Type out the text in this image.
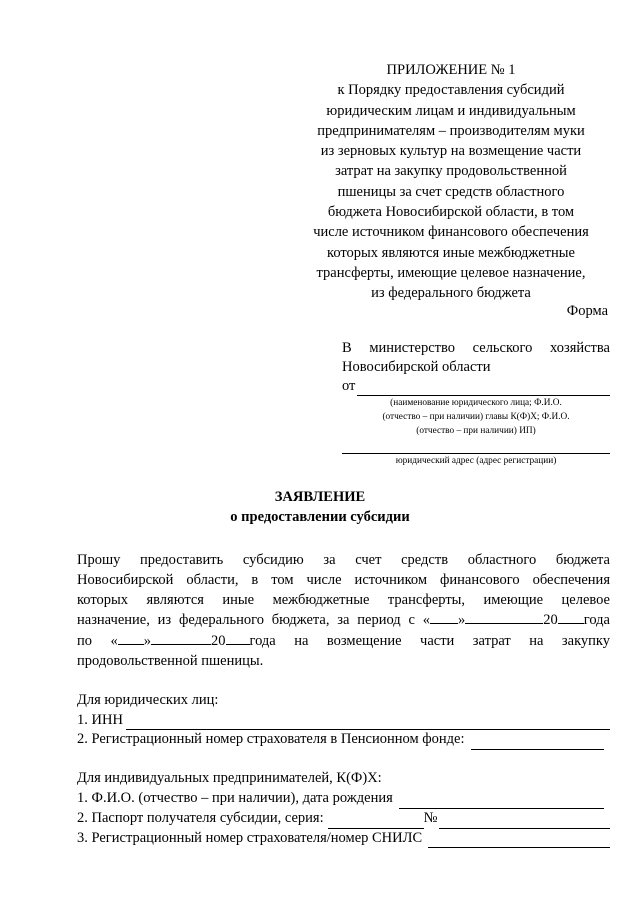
ПРИЛОЖЕНИЕ № 1
к Порядку предоставления субсидий
юридическим лицам и индивидуальным
предпринимателям – производителям муки
из зерновых культур на возмещение части
затрат на закупку продовольственной
пшеницы за счет средств областного
бюджета Новосибирской области, в том
числе источником финансового обеспечения
которых являются иные межбюджетные
трансферты, имеющие целевое назначение,
из федерального бюджета
Форма
В министерство сельского хозяйства
Новосибирской области
от
(наименование юридического лица; Ф.И.О.
(отчество – при наличии) главы К(Ф)Х; Ф.И.О.
(отчество – при наличии) ИП)
юридический адрес (адрес регистрации)
ЗАЯВЛЕНИЕ
о предоставлении субсидии

Прошу предоставить субсидию за счет средств областного бюджета

Новосибирской области, в том числе источником финансового обеспечения

которых являются иные межбюджетные трансферты, имеющие целевое

назначение, из федерального бюджета, за период с « »	20 года

по « »	20 года на возмещение части затрат на закупку

продовольственной пшеницы.

Для юридических лиц:
1. ИНН
2. Регистрационный номер страхователя в Пенсионном фонде:
Для индивидуальных предпринимателей, К(Ф)Х:
1. Ф.И.О. (отчество – при наличии), дата рождения
2. Паспорт получателя субсидии, серия:	№
3. Регистрационный номер страхователя/номер СНИЛС
